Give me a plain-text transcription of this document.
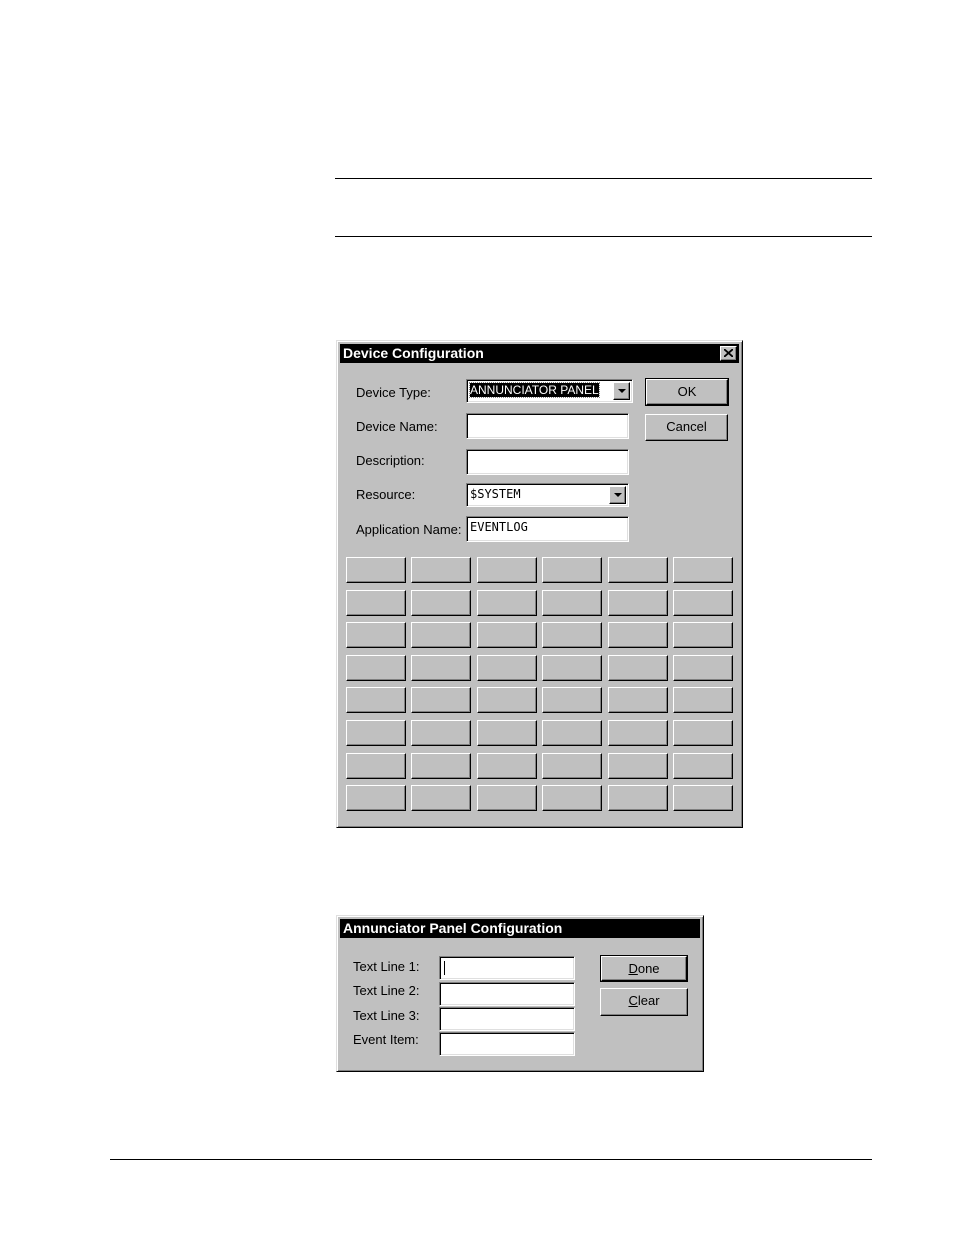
Device Configuration
Device Type:	ANNUNCIATOR PANEL
Device Name:
Description:
Resource:	$SYSTEM
Application Name: EVENTLOG
OK
Cancel
Annunciator Panel Configuration
Text Line 1:
Text Line 2:
Text Line 3:
Event Item:
Done
Clear
